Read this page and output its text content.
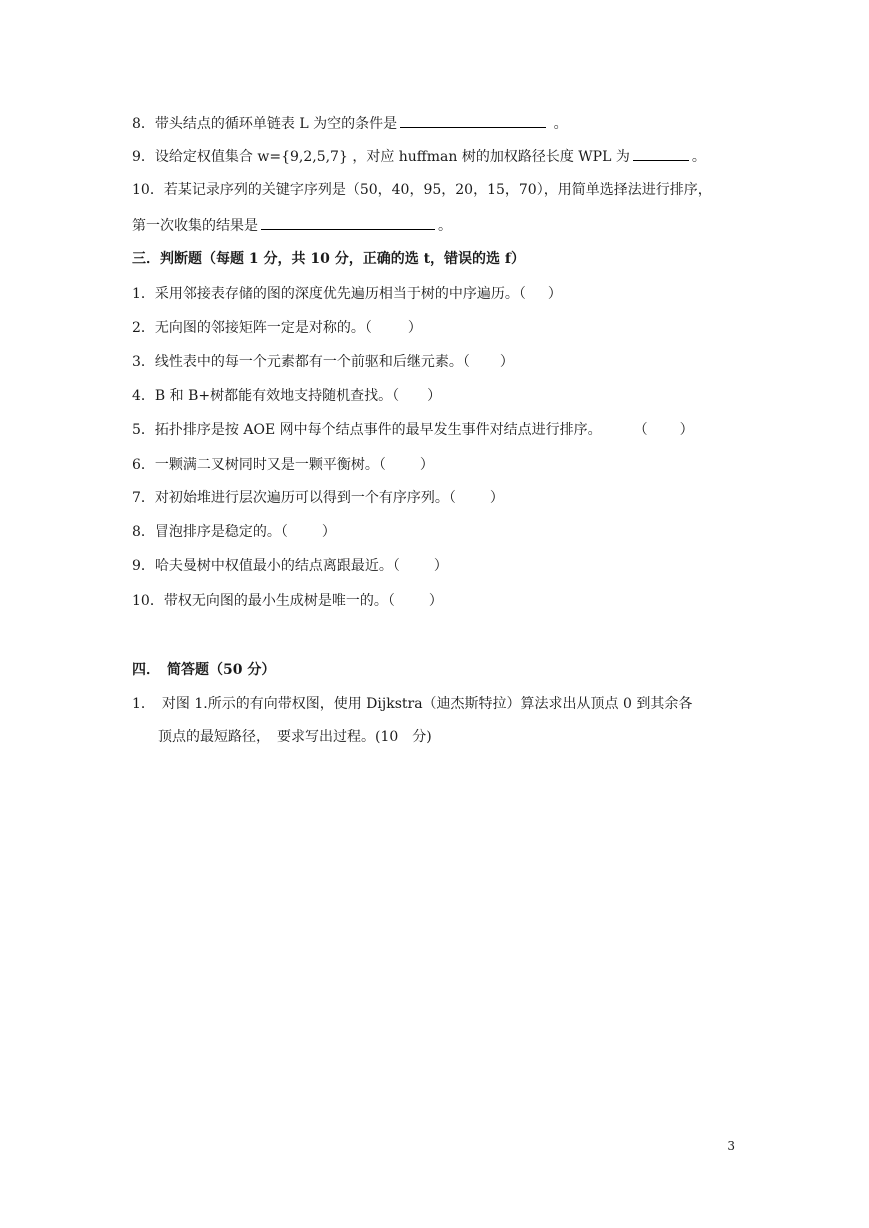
8．带头结点的循环单链表 L 为空的条件是	。
9．设给定权值集合 w={9,2,5,7} ，对应 huffman 树的加权路径长度 WPL 为	。
10．若某记录序列的关键字序列是（50，40，95，20，15，70），用简单选择法进行排序，
第一次收集的结果是	。
三．判断题（每题 1 分，共 10 分，正确的选 t，错误的选 f）
1．采用邻接表存储的图的深度优先遍历相当于树的中序遍历。（ ）
2．无向图的邻接矩阵一定是对称的。（	）
3．线性表中的每一个元素都有一个前驱和后继元素。（ ）
4．B 和 B+树都能有效地支持随机查找。（ ）
5．拓扑排序是按 AOE 网中每个结点事件的最早发生事件对结点进行排序。 （ ）
6．一颗满二叉树同时又是一颗平衡树。（ ）
7．对初始堆进行层次遍历可以得到一个有序序列。（ ）
8．冒泡排序是稳定的。（ ）
9．哈夫曼树中权值最小的结点离跟最近。（ ）
10．带权无向图的最小生成树是唯一的。（ ）
四．　简答题（50 分）
1．　对图 1.所示的有向带权图，使用 Dijkstra（迪杰斯特拉）算法求出从顶点 0 到其余各
顶点的最短路径，　要求写出过程。(10　分)
3
